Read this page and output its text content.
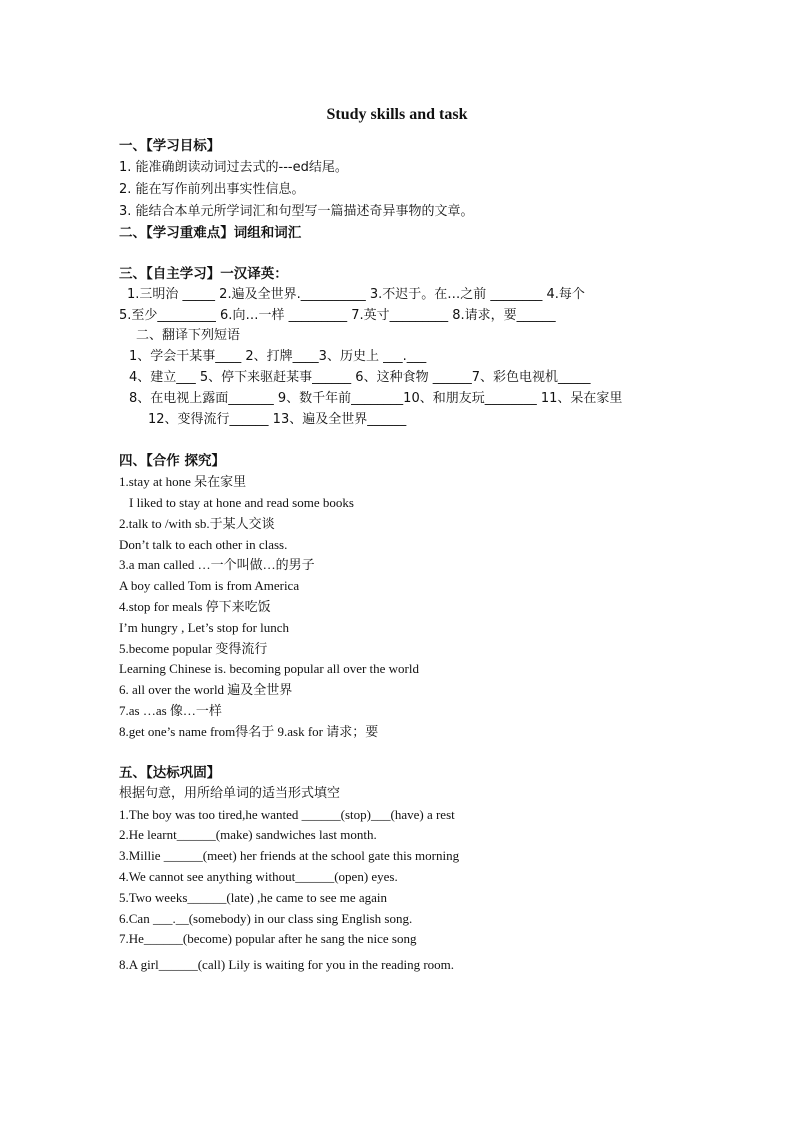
Study skills and task
一、【学习目标】
1. 能准确朗读动词过去式的---ed结尾。
2. 能在写作前列出事实性信息。
3. 能结合本单元所学词汇和句型写一篇描述奇异事物的文章。
二、【学习重难点】词组和词汇
三、【自主学习】一汉译英：
1.三明治 _____ 2.遍及全世界.__________ 3.不迟于。在…之前 ________ 4.每个
5.至少_________ 6.向…一样 _________ 7.英寸_________ 8.请求，要______
二、翻译下列短语
1、学会干某事____ 2、打牌____3、历史上 ___.___
4、建立___ 5、停下来驱赶某事______ 6、这种食物 ______7、彩色电视机_____
8、在电视上露面_______ 9、数千年前________10、和朋友玩________ 11、呆在家里
12、变得流行______ 13、遍及全世界______
四、【合作 探究】
1.stay at hone 呆在家里
I liked to stay at hone and read some books
2.talk to /with sb.于某人交谈
Don’t talk to each other in class.
3.a man called …一个叫做…的男子
A boy called Tom is from America
4.stop for meals 停下来吃饭
I’m hungry , Let’s stop for lunch
5.become popular 变得流行
Learning Chinese is. becoming popular all over the world
6. all over the world 遍及全世界
7.as …as 像…一样
8.get one’s name from得名于 9.ask for 请求；要
五、【达标巩固】
根据句意，用所给单词的适当形式填空
1.The boy was too tired,he wanted ______(stop)___(have) a rest
2.He learnt______(make) sandwiches last month.
3.Millie ______(meet) her friends at the school gate this morning
4.We cannot see anything without______(open) eyes.
5.Two weeks______(late) ,he came to see me again
6.Can ___.__(somebody) in our class sing English song.
7.He______(become) popular after he sang the nice song
8.A girl______(call) Lily is waiting for you in the reading room.
